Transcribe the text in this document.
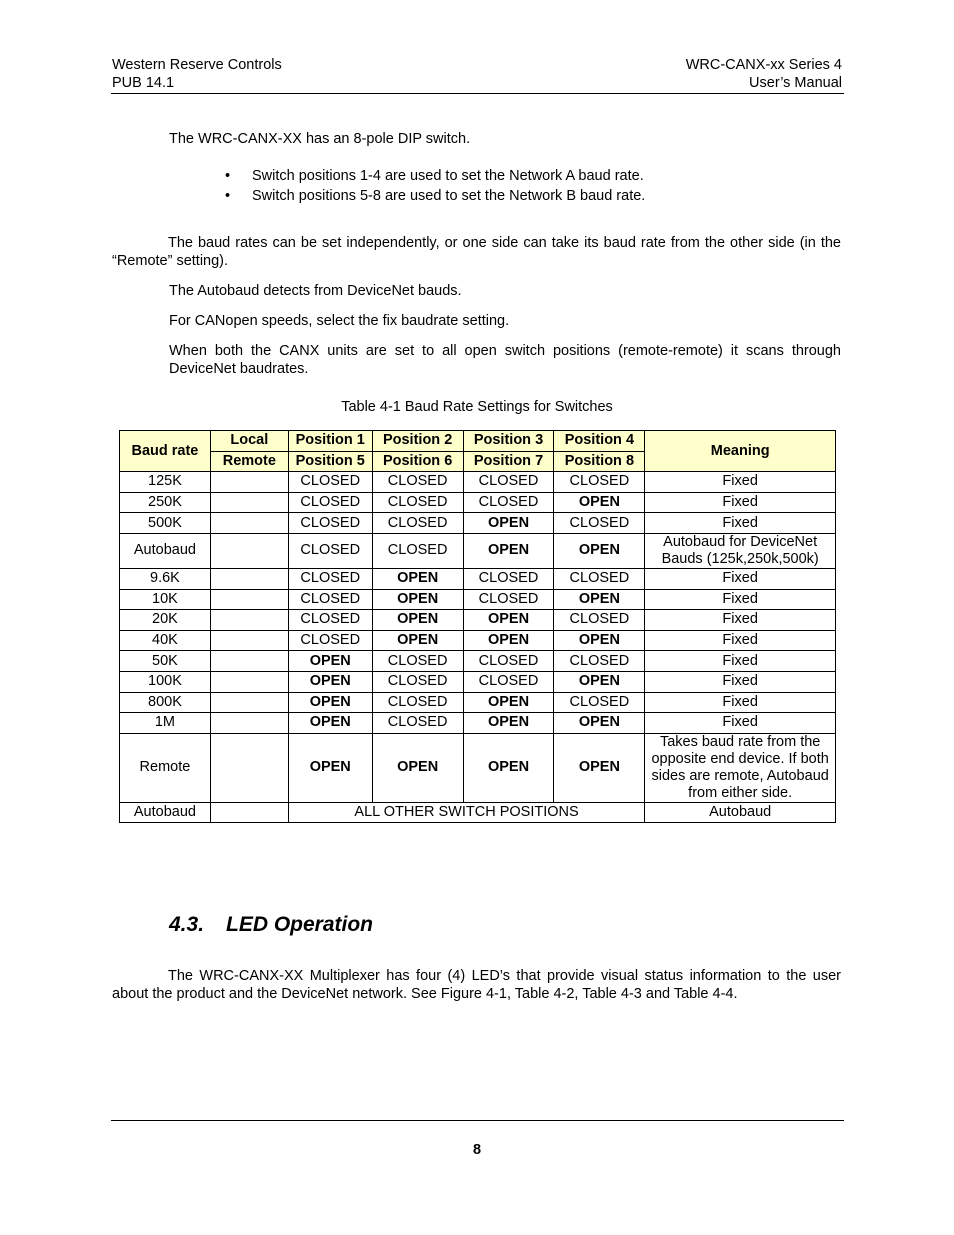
Western Reserve Controls
PUB 14.1
WRC-CANX-xx Series 4
User’s Manual
The WRC-CANX-XX has an 8-pole DIP switch.
• Switch positions 1-4 are used to set the Network A baud rate.
• Switch positions 5-8 are used to set the Network B baud rate.
The baud rates can be set independently, or one side can take its baud rate from the other side (in the “Remote” setting).
The Autobaud detects from DeviceNet bauds.
For CANopen speeds, select the fix baudrate setting.
When both the CANX units are set to all open switch positions (remote-remote) it scans through DeviceNet baudrates.
Table 4-1 Baud Rate Settings for Switches
Baud rate	Local	Position 1	Position 2	Position 3	Position 4	Meaning
	Remote	Position 5	Position 6	Position 7	Position 8	
125K		CLOSED	CLOSED	CLOSED	CLOSED	Fixed
250K		CLOSED	CLOSED	CLOSED	OPEN	Fixed
500K		CLOSED	CLOSED	OPEN	CLOSED	Fixed
Autobaud		CLOSED	CLOSED	OPEN	OPEN	Autobaud for DeviceNet Bauds (125k,250k,500k)
9.6K		CLOSED	OPEN	CLOSED	CLOSED	Fixed
10K		CLOSED	OPEN	CLOSED	OPEN	Fixed
20K		CLOSED	OPEN	OPEN	CLOSED	Fixed
40K		CLOSED	OPEN	OPEN	OPEN	Fixed
50K		OPEN	CLOSED	CLOSED	CLOSED	Fixed
100K		OPEN	CLOSED	CLOSED	OPEN	Fixed
800K		OPEN	CLOSED	OPEN	CLOSED	Fixed
1M		OPEN	CLOSED	OPEN	OPEN	Fixed
Remote		OPEN	OPEN	OPEN	OPEN	Takes baud rate from the opposite end device. If both sides are remote, Autobaud from either side.
Autobaud		ALL OTHER SWITCH POSITIONS				Autobaud
4.3. LED Operation
The WRC-CANX-XX Multiplexer has four (4) LED’s that provide visual status information to the user about the product and the DeviceNet network. See Figure 4-1, Table 4-2, Table 4-3 and Table 4-4.
8
